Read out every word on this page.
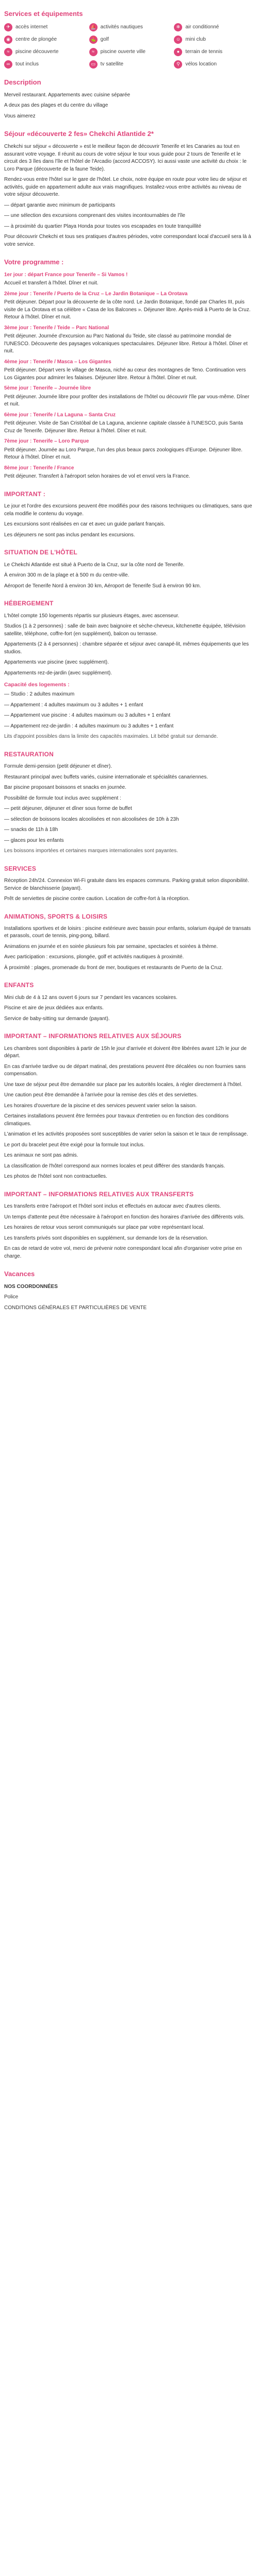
Services et équipements
✈	accès internet	⛵ activités nautiques	❄	air conditionné
◉	centre de plongée	⛳ golf	☺ mini club
≈	piscine découverte	≈	piscine ouverte ville	●	terrain de tennis
∞	tout inclus	▭ tv satellite	⚲	vélos location
Description

Merveil restaurant. Appartements avec cuisine séparée

A deux pas des plages et du centre du village

Vous aimerez

Séjour «découverte 2 fes» Chekchi Atlantide 2*

Chekchi sur séjour « découverte » est le meilleur façon de découvrir Tenerife et les Canaries au tout en assurant votre voyage. Il réunit au cours de votre séjour le tour vous guide pour 2 tours de Tenerife et le circuit des 3 îles dans l'île et l'hôtel de l'Arcadio (accord ACCOSY). Ici aussi vaste une activité du choix : le Loro Parque (découverte de la faune Teide).

Rendez-vous entre l'hôtel sur le gare de l'hôtel. Le choix, notre équipe en route pour votre lieu de séjour et activités, guide en appartement adulte aux vrais magnifiques. Installez-vous entre activités au niveau de votre séjour découverte.

— départ garantie avec minimum de participants

— une sélection des excursions comprenant des visites incontournables de l'île

— à proximité du quartier Playa Honda pour toutes vos escapades en toute tranquillité

Pour découvrir Chekchi et tous ses pratiques d'autres périodes, votre correspondant local d'accueil sera là à votre service.

Votre programme :

1er jour : départ France pour Tenerife – Si Vamos !

Accueil et transfert à l'hôtel. Dîner et nuit.

2ème jour : Tenerife / Puerto de la Cruz – Le Jardin Botanique – La Orotava

Petit déjeuner. Départ pour la découverte de la côte nord. Le Jardin Botanique, fondé par Charles III, puis visite de La Orotava et sa célèbre « Casa de los Balcones ». Déjeuner libre. Après-midi à Puerto de la Cruz. Retour à l'hôtel. Dîner et nuit.

3ème jour : Tenerife / Teide – Parc National

Petit déjeuner. Journée d'excursion au Parc National du Teide, site classé au patrimoine mondial de l'UNESCO. Découverte des paysages volcaniques spectaculaires. Déjeuner libre. Retour à l'hôtel. Dîner et nuit.

4ème jour : Tenerife / Masca – Los Gigantes

Petit déjeuner. Départ vers le village de Masca, niché au cœur des montagnes de Teno. Continuation vers Los Gigantes pour admirer les falaises. Déjeuner libre. Retour à l'hôtel. Dîner et nuit.

5ème jour : Tenerife – Journée libre

Petit déjeuner. Journée libre pour profiter des installations de l'hôtel ou découvrir l'île par vous-même. Dîner et nuit.

6ème jour : Tenerife / La Laguna – Santa Cruz

Petit déjeuner. Visite de San Cristóbal de La Laguna, ancienne capitale classée à l'UNESCO, puis Santa Cruz de Tenerife. Déjeuner libre. Retour à l'hôtel. Dîner et nuit.

7ème jour : Tenerife – Loro Parque

Petit déjeuner. Journée au Loro Parque, l'un des plus beaux parcs zoologiques d'Europe. Déjeuner libre. Retour à l'hôtel. Dîner et nuit.

8ème jour : Tenerife / France

Petit déjeuner. Transfert à l'aéroport selon horaires de vol et envol vers la France.

IMPORTANT :

Le jour et l'ordre des excursions peuvent être modifiés pour des raisons techniques ou climatiques, sans que cela modifie le contenu du voyage.

Les excursions sont réalisées en car et avec un guide parlant français.

Les déjeuners ne sont pas inclus pendant les excursions.

SITUATION DE L'HÔTEL

Le Chekchi Atlantide est situé à Puerto de la Cruz, sur la côte nord de Tenerife.

À environ 300 m de la plage et à 500 m du centre-ville.

Aéroport de Tenerife Nord à environ 30 km, Aéroport de Tenerife Sud à environ 90 km.

HÉBERGEMENT

L'hôtel compte 150 logements répartis sur plusieurs étages, avec ascenseur.

Studios (1 à 2 personnes) : salle de bain avec baignoire et sèche-cheveux, kitchenette équipée, télévision satellite, téléphone, coffre-fort (en supplément), balcon ou terrasse.

Appartements (2 à 4 personnes) : chambre séparée et séjour avec canapé-lit, mêmes équipements que les studios.

Appartements vue piscine (avec supplément).

Appartements rez-de-jardin (avec supplément).

Capacité des logements :

— Studio : 2 adultes maximum

— Appartement : 4 adultes maximum ou 3 adultes + 1 enfant

— Appartement vue piscine : 4 adultes maximum ou 3 adultes + 1 enfant

— Appartement rez-de-jardin : 4 adultes maximum ou 3 adultes + 1 enfant

Lits d'appoint possibles dans la limite des capacités maximales. Lit bébé gratuit sur demande.

RESTAURATION

Formule demi-pension (petit déjeuner et dîner).

Restaurant principal avec buffets variés, cuisine internationale et spécialités canariennes.

Bar piscine proposant boissons et snacks en journée.

Possibilité de formule tout inclus avec supplément :

— petit déjeuner, déjeuner et dîner sous forme de buffet

— sélection de boissons locales alcoolisées et non alcoolisées de 10h à 23h

— snacks de 11h à 18h

— glaces pour les enfants

Les boissons importées et certaines marques internationales sont payantes.

SERVICES

Réception 24h/24. Connexion Wi-Fi gratuite dans les espaces communs. Parking gratuit selon disponibilité. Service de blanchisserie (payant).

Prêt de serviettes de piscine contre caution. Location de coffre-fort à la réception.

ANIMATIONS, SPORTS & LOISIRS

Installations sportives et de loisirs : piscine extérieure avec bassin pour enfants, solarium équipé de transats et parasols, court de tennis, ping-pong, billard.

Animations en journée et en soirée plusieurs fois par semaine, spectacles et soirées à thème.

Avec participation : excursions, plongée, golf et activités nautiques à proximité.

À proximité : plages, promenade du front de mer, boutiques et restaurants de Puerto de la Cruz.

ENFANTS

Mini club de 4 à 12 ans ouvert 6 jours sur 7 pendant les vacances scolaires.

Piscine et aire de jeux dédiées aux enfants.

Service de baby-sitting sur demande (payant).

IMPORTANT – INFORMATIONS RELATIVES AUX SÉJOURS

Les chambres sont disponibles à partir de 15h le jour d'arrivée et doivent être libérées avant 12h le jour de départ.

En cas d'arrivée tardive ou de départ matinal, des prestations peuvent être décalées ou non fournies sans compensation.

Une taxe de séjour peut être demandée sur place par les autorités locales, à régler directement à l'hôtel.

Une caution peut être demandée à l'arrivée pour la remise des clés et des serviettes.

Les horaires d'ouverture de la piscine et des services peuvent varier selon la saison.

Certaines installations peuvent être fermées pour travaux d'entretien ou en fonction des conditions climatiques.

L'animation et les activités proposées sont susceptibles de varier selon la saison et le taux de remplissage.

Le port du bracelet peut être exigé pour la formule tout inclus.

Les animaux ne sont pas admis.

La classification de l'hôtel correspond aux normes locales et peut différer des standards français.

Les photos de l'hôtel sont non contractuelles.

IMPORTANT – INFORMATIONS RELATIVES AUX TRANSFERTS

Les transferts entre l'aéroport et l'hôtel sont inclus et effectués en autocar avec d'autres clients.

Un temps d'attente peut être nécessaire à l'aéroport en fonction des horaires d'arrivée des différents vols.

Les horaires de retour vous seront communiqués sur place par votre représentant local.

Les transferts privés sont disponibles en supplément, sur demande lors de la réservation.

En cas de retard de votre vol, merci de prévenir notre correspondant local afin d'organiser votre prise en charge.

Vacances

NOS COORDONNÉES

Police

CONDITIONS GÉNÉRALES ET PARTICULIÈRES DE VENTE
